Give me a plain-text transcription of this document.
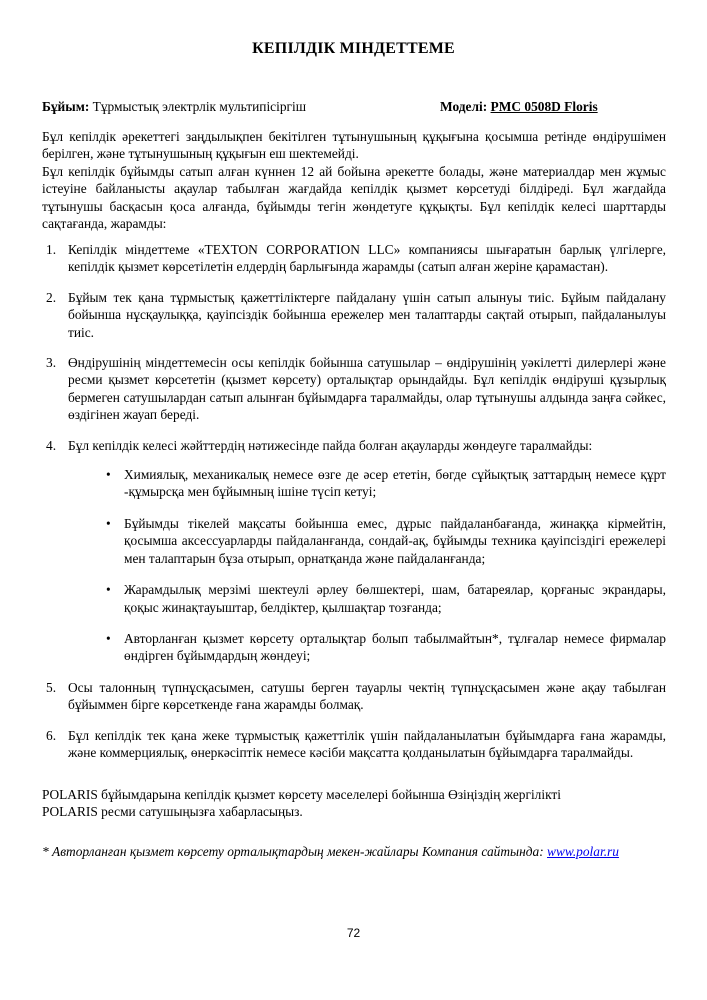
КЕПІЛДІК МІНДЕТТЕМЕ
Бұйым: Тұрмыстық электрлік мультипісіргіш	Моделі: PMC 0508D Floris

Бұл кепілдік әрекеттегі заңдылықпен бекітілген тұтынушының құқығына қосымша ретінде өндірушімен берілген, және тұтынушының құқығын еш шектемейді.

Бұл кепілдік бұйымды сатып алған күннен 12 ай бойына әрекетте болады, және материалдар мен жұмыс істеуіне байланысты ақаулар табылған жағдайда кепілдік қызмет көрсетуді білдіреді. Бұл жағдайда тұтынушы басқасын қоса алғанда, бұйымды тегін жөндетуге құқықты. Бұл кепілдік келесі шарттарды сақтағанда, жарамды:

1. Кепілдік міндеттеме «TEXTON CORPORATION LLC» компаниясы шығаратын барлық үлгілерге, кепілдік қызмет көрсетілетін елдердің барлығында жарамды (сатып алған жеріне қарамастан).
2. Бұйым тек қана тұрмыстық қажеттіліктерге пайдалану үшін сатып алынуы тиіс. Бұйым пайдалану бойынша нұсқаулыққа, қауіпсіздік бойынша ережелер мен талаптарды сақтай отырып, пайдаланылуы тиіс.
3. Өндірушінің міндеттемесін осы кепілдік бойынша сатушылар – өндірушінің уәкілетті дилерлері және ресми қызмет көрсететін (қызмет көрсету) орталықтар орындайды. Бұл кепілдік өндіруші құзырлық бермеген сатушылардан сатып алынған бұйымдарға таралмайды, олар тұтынушы алдында заңға сәйкес, өздігінен жауап береді.
4. Бұл кепілдік келесі жәйттердің нәтижесінде пайда болған ақауларды жөндеуге таралмайды:
• Химиялық, механикалық немесе өзге де әсер ететін, бөгде сұйықтық заттардың немесе құрт -құмырсқа мен бұйымның ішіне түсіп кетуі;
• Бұйымды тікелей мақсаты бойынша емес, дұрыс пайдаланбағанда, жинаққа кірмейтін, қосымша аксессуарларды пайдаланғанда, сондай-ақ, бұйымды техника қауіпсіздігі ережелері мен талаптарын бұза отырып, орнатқанда және пайдаланғанда;
• Жарамдылық мерзімі шектеулі әрлеу бөлшектері, шам, батареялар, қорғаныс экрандары, қоқыс жинақтауыштар, белдіктер, қылшақтар тозғанда;
• Авторланған қызмет көрсету орталықтар болып табылмайтын*, тұлғалар немесе фирмалар өндірген бұйымдардың жөндеуі;
5. Осы талонның түпнұсқасымен, сатушы берген тауарлы чектің түпнұсқасымен және ақау табылған бұйыммен бірге көрсеткенде ғана жарамды болмақ.
6. Бұл кепілдік тек қана жеке тұрмыстық қажеттілік үшін пайдаланылатын бұйымдарға ғана жарамды, және коммерциялық, өнеркәсіптік немесе кәсіби мақсатта қолданылатын бұйымдарға таралмайды.

POLARIS бұйымдарына кепілдік қызмет көрсету мәселелері бойынша Өзіңіздің жергілікті

POLARIS ресми сатушыңызға хабарласыңыз.

* Авторланған қызмет көрсету орталықтардың мекен-жайлары Компания сайтында: www.polar.ru
72
